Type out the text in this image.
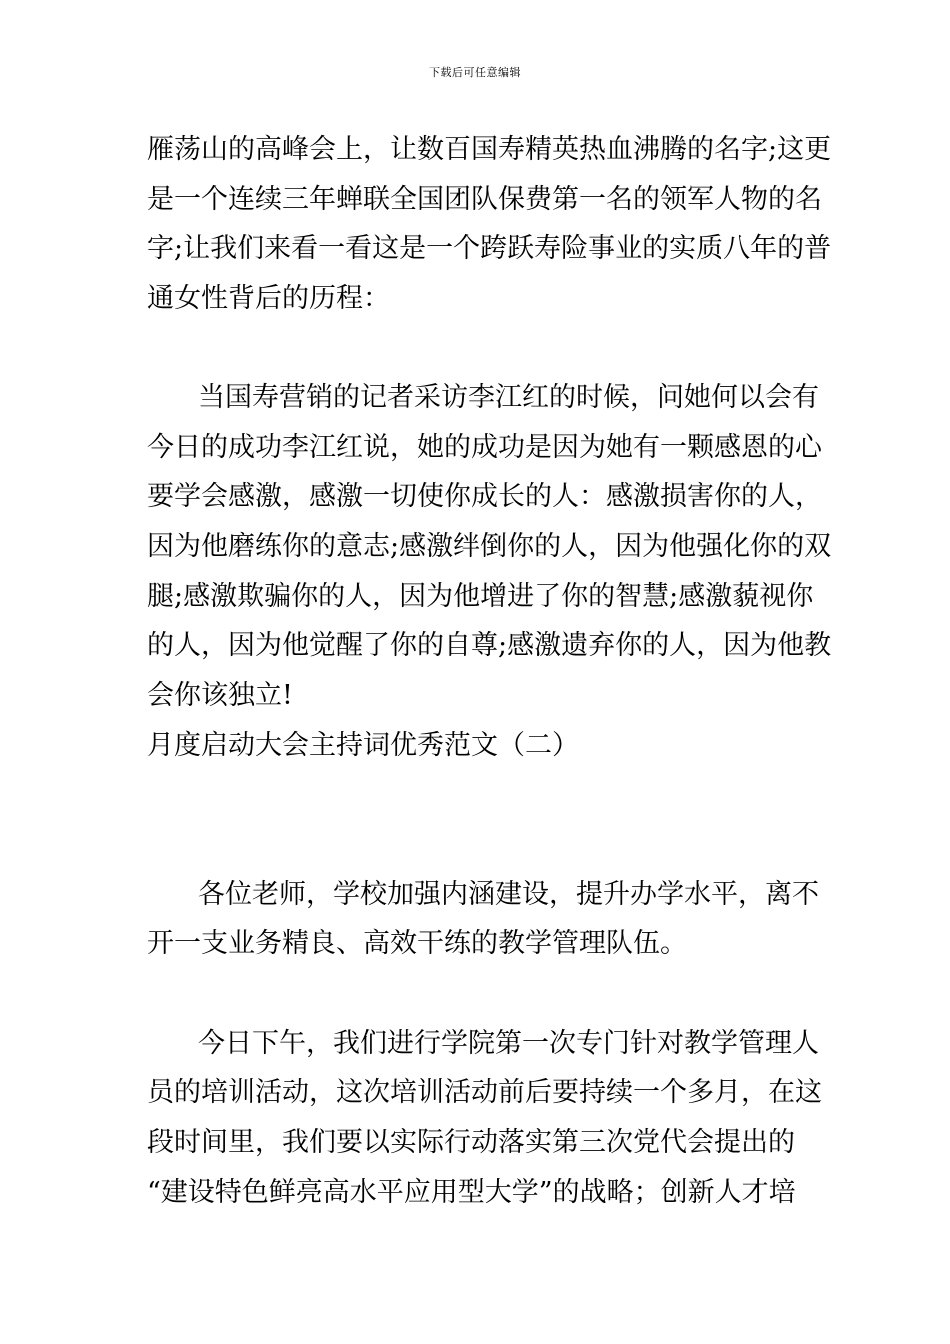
下载后可任意编辑
雁荡山的高峰会上，让数百国寿精英热血沸腾的名字;这更
是一个连续三年蝉联全国团队保费第一名的领军人物的名
字;让我们来看一看这是一个跨跃寿险事业的实质八年的普
通女性背后的历程：
当国寿营销的记者采访李江红的时候，问她何以会有
今日的成功李江红说，她的成功是因为她有一颗感恩的心
要学会感激，感激一切使你成长的人：感激损害你的人，
因为他磨练你的意志;感激绊倒你的人，因为他强化你的双
腿;感激欺骗你的人，因为他增进了你的智慧;感激藐视你
的人，因为他觉醒了你的自尊;感激遗弃你的人，因为他教
会你该独立!
月度启动大会主持词优秀范文（二）
各位老师，学校加强内涵建设，提升办学水平，离不
开一支业务精良、高效干练的教学管理队伍。
今日下午，我们进行学院第一次专门针对教学管理人
员的培训活动，这次培训活动前后要持续一个多月，在这
段时间里，我们要以实际行动落实第三次党代会提出的
“建设特色鲜亮高水平应用型大学”的战略；创新人才培
